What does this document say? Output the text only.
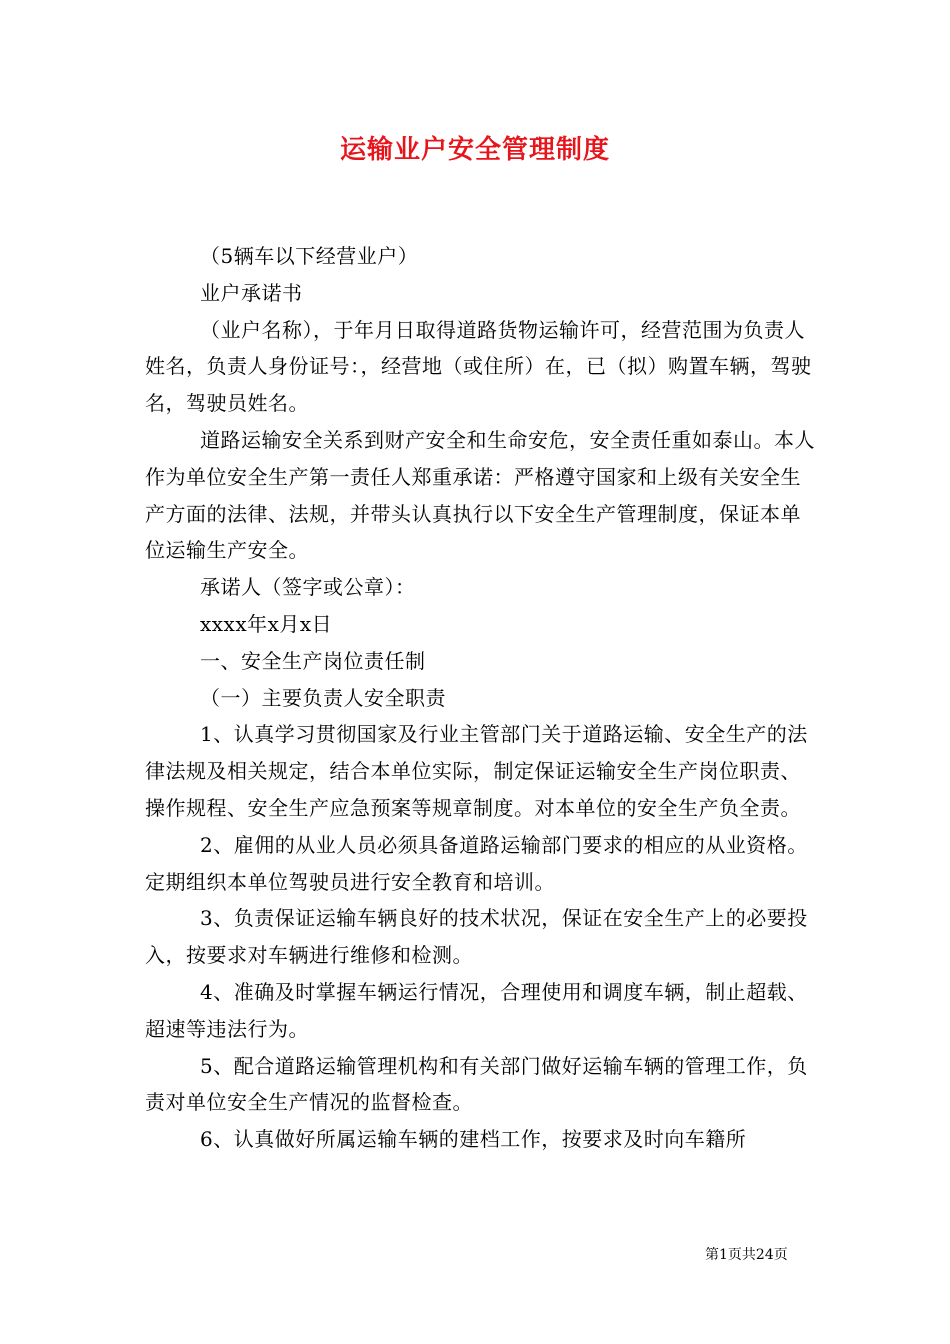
运输业户安全管理制度

（5辆车以下经营业户）

业户承诺书

（业户名称），于年月日取得道路货物运输许可，经营范围为负责人姓名，负责人身份证号：，经营地（或住所）在，已（拟）购置车辆，驾驶名，驾驶员姓名。

道路运输安全关系到财产安全和生命安危，安全责任重如泰山。本人作为单位安全生产第一责任人郑重承诺：严格遵守国家和上级有关安全生产方面的法律、法规，并带头认真执行以下安全生产管理制度，保证本单位运输生产安全。

承诺人（签字或公章）：

xxxx年x月x日

一、安全生产岗位责任制

（一）主要负责人安全职责

1、认真学习贯彻国家及行业主管部门关于道路运输、安全生产的法律法规及相关规定，结合本单位实际，制定保证运输安全生产岗位职责、操作规程、安全生产应急预案等规章制度。对本单位的安全生产负全责。

2、雇佣的从业人员必须具备道路运输部门要求的相应的从业资格。定期组织本单位驾驶员进行安全教育和培训。

3、负责保证运输车辆良好的技术状况，保证在安全生产上的必要投入，按要求对车辆进行维修和检测。

4、准确及时掌握车辆运行情况，合理使用和调度车辆，制止超载、超速等违法行为。

5、配合道路运输管理机构和有关部门做好运输车辆的管理工作，负责对单位安全生产情况的监督检查。

6、认真做好所属运输车辆的建档工作，按要求及时向车籍所

第1页共24页
